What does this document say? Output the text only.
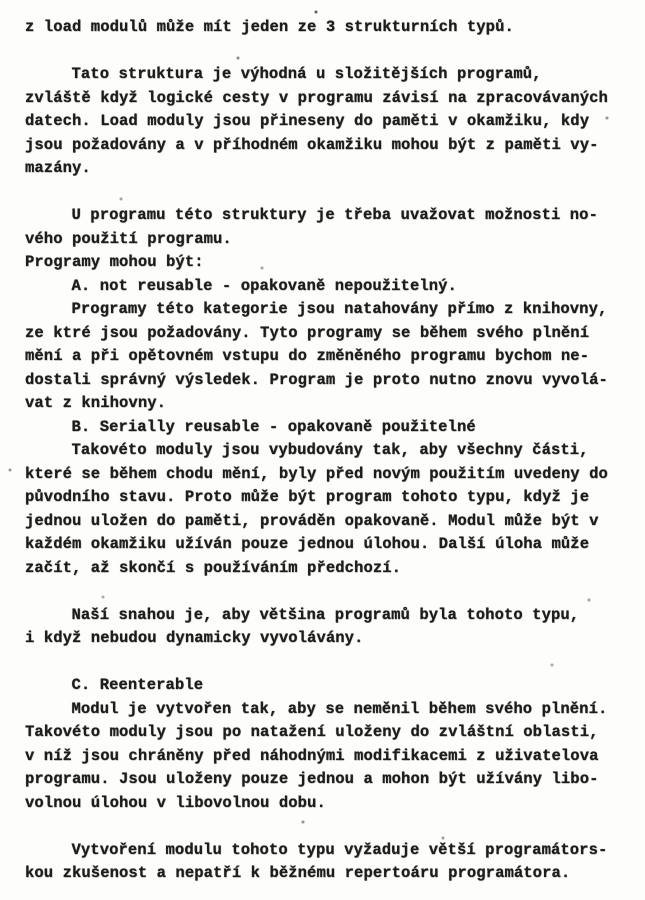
z load modulů může mít jeden ze 3 strukturních typů.
Tato struktura je výhodná u složitějších programů,
zvláště když logické cesty v programu závisí na zpracovávaných
datech. Load moduly jsou přineseny do paměti v okamžiku, kdy
jsou požadovány a v příhodném okamžiku mohou být z paměti vy-
mazány.
U programu této struktury je třeba uvažovat možnosti no-
vého použití programu.
Programy mohou být:
A. not reusable - opakovaně nepoužitelný.
Programy této kategorie jsou natahovány přímo z knihovny,
ze ktré jsou požadovány. Tyto programy se během svého plnění
mění a při opětovném vstupu do změněného programu bychom ne-
dostali správný výsledek. Program je proto nutno znovu vyvolá-
vat z knihovny.
B. Serially reusable - opakovaně použitelné
Takovéto moduly jsou vybudovány tak, aby všechny části,
které se během chodu mění, byly před novým použitím uvedeny do
původního stavu. Proto může být program tohoto typu, když je
jednou uložen do paměti, prováděn opakovaně. Modul může být v
každém okamžiku užíván pouze jednou úlohou. Další úloha může
začít, až skončí s používáním předchozí.
Naší snahou je, aby většina programů byla tohoto typu,
i když nebudou dynamicky vyvolávány.
C. Reenterable
Modul je vytvořen tak, aby se neměnil během svého plnění.
Takovéto moduly jsou po natažení uloženy do zvláštní oblasti,
v níž jsou chráněny před náhodnými modifikacemi z uživatelova
programu. Jsou uloženy pouze jednou a mohon být užívány libo-
volnou úlohou v libovolnou dobu.
Vytvoření modulu tohoto typu vyžaduje větší programátors-
kou zkušenost a nepatří k běžnému repertoáru programátora.
